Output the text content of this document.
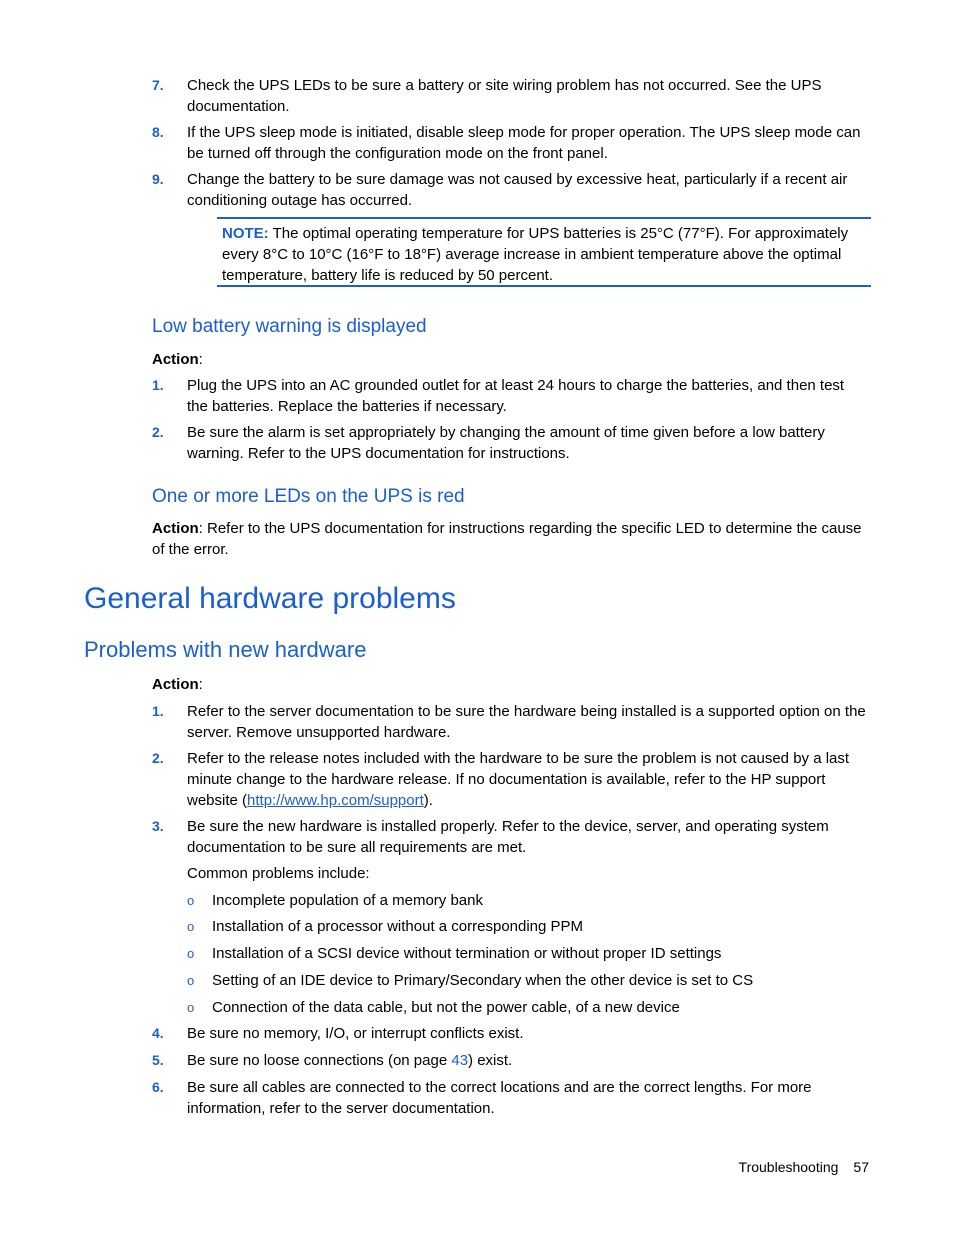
7. Check the UPS LEDs to be sure a battery or site wiring problem has not occurred. See the UPS documentation.
8. If the UPS sleep mode is initiated, disable sleep mode for proper operation. The UPS sleep mode can be turned off through the configuration mode on the front panel.
9. Change the battery to be sure damage was not caused by excessive heat, particularly if a recent air conditioning outage has occurred.
NOTE: The optimal operating temperature for UPS batteries is 25°C (77°F). For approximately every 8°C to 10°C (16°F to 18°F) average increase in ambient temperature above the optimal temperature, battery life is reduced by 50 percent.
Low battery warning is displayed
Action:
1. Plug the UPS into an AC grounded outlet for at least 24 hours to charge the batteries, and then test the batteries. Replace the batteries if necessary.
2. Be sure the alarm is set appropriately by changing the amount of time given before a low battery warning. Refer to the UPS documentation for instructions.
One or more LEDs on the UPS is red
Action: Refer to the UPS documentation for instructions regarding the specific LED to determine the cause of the error.
General hardware problems
Problems with new hardware
Action:
1. Refer to the server documentation to be sure the hardware being installed is a supported option on the server. Remove unsupported hardware.
2. Refer to the release notes included with the hardware to be sure the problem is not caused by a last minute change to the hardware release. If no documentation is available, refer to the HP support website (http://www.hp.com/support).
3. Be sure the new hardware is installed properly. Refer to the device, server, and operating system documentation to be sure all requirements are met.
Common problems include:
o Incomplete population of a memory bank
o Installation of a processor without a corresponding PPM
o Installation of a SCSI device without termination or without proper ID settings
o Setting of an IDE device to Primary/Secondary when the other device is set to CS
o Connection of the data cable, but not the power cable, of a new device
4. Be sure no memory, I/O, or interrupt conflicts exist.
5. Be sure no loose connections (on page 43) exist.
6. Be sure all cables are connected to the correct locations and are the correct lengths. For more information, refer to the server documentation.
Troubleshooting 57
